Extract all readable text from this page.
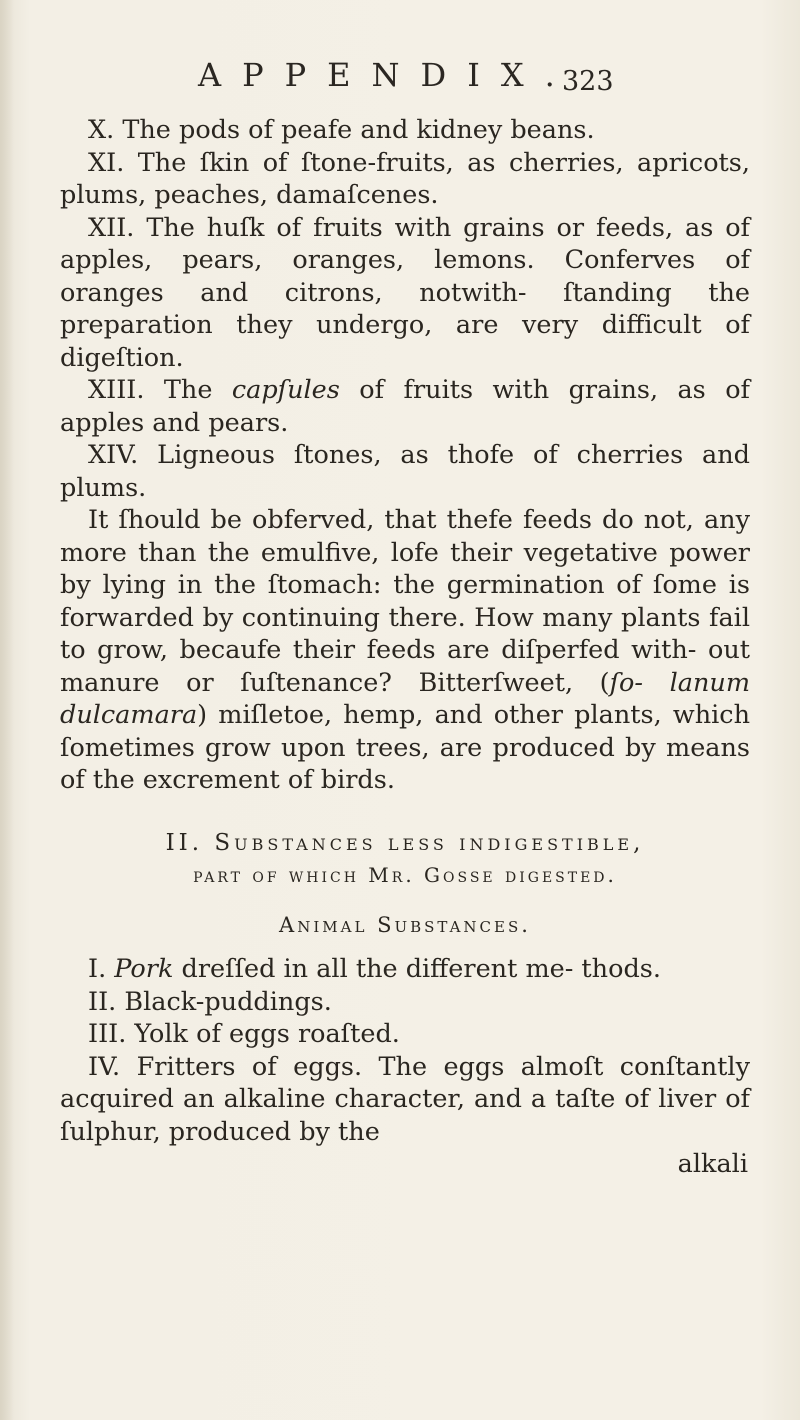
APPENDIX.
323

X. The pods of peafe and kidney beans.

XI. The ſkin of ſtone-fruits, as cherries, apricots, plums, peaches, damaſcenes.

XII. The huſk of fruits with grains or feeds, as of apples, pears, oranges, lemons. Conferves of oranges and citrons, notwith- ſtanding the preparation they undergo, are very difficult of digeſtion.

XIII. The capſules of fruits with grains, as of apples and pears.

XIV. Ligneous ſtones, as thofe of cherries and plums.

It ſhould be obferved, that thefe feeds do not, any more than the emulfive, lofe their vegetative power by lying in the ſtomach: the germination of ſome is forwarded by continuing there. How many plants fail to grow, becaufe their feeds are diſperfed with- out manure or ſuſtenance? Bitterſweet, (ſo- lanum dulcamara) miſletoe, hemp, and other plants, which ſometimes grow upon trees, are produced by means of the excrement of birds.

II. Substances less indigestible,
part of which Mr. Gosse digested.
Animal Substances.

I. Pork dreſſed in all the different me- thods.

II. Black-puddings.

III. Yolk of eggs roaſted.

IV. Fritters of eggs. The eggs almoſt conſtantly acquired an alkaline character, and a taſte of liver of ſulphur, produced by the

alkali
